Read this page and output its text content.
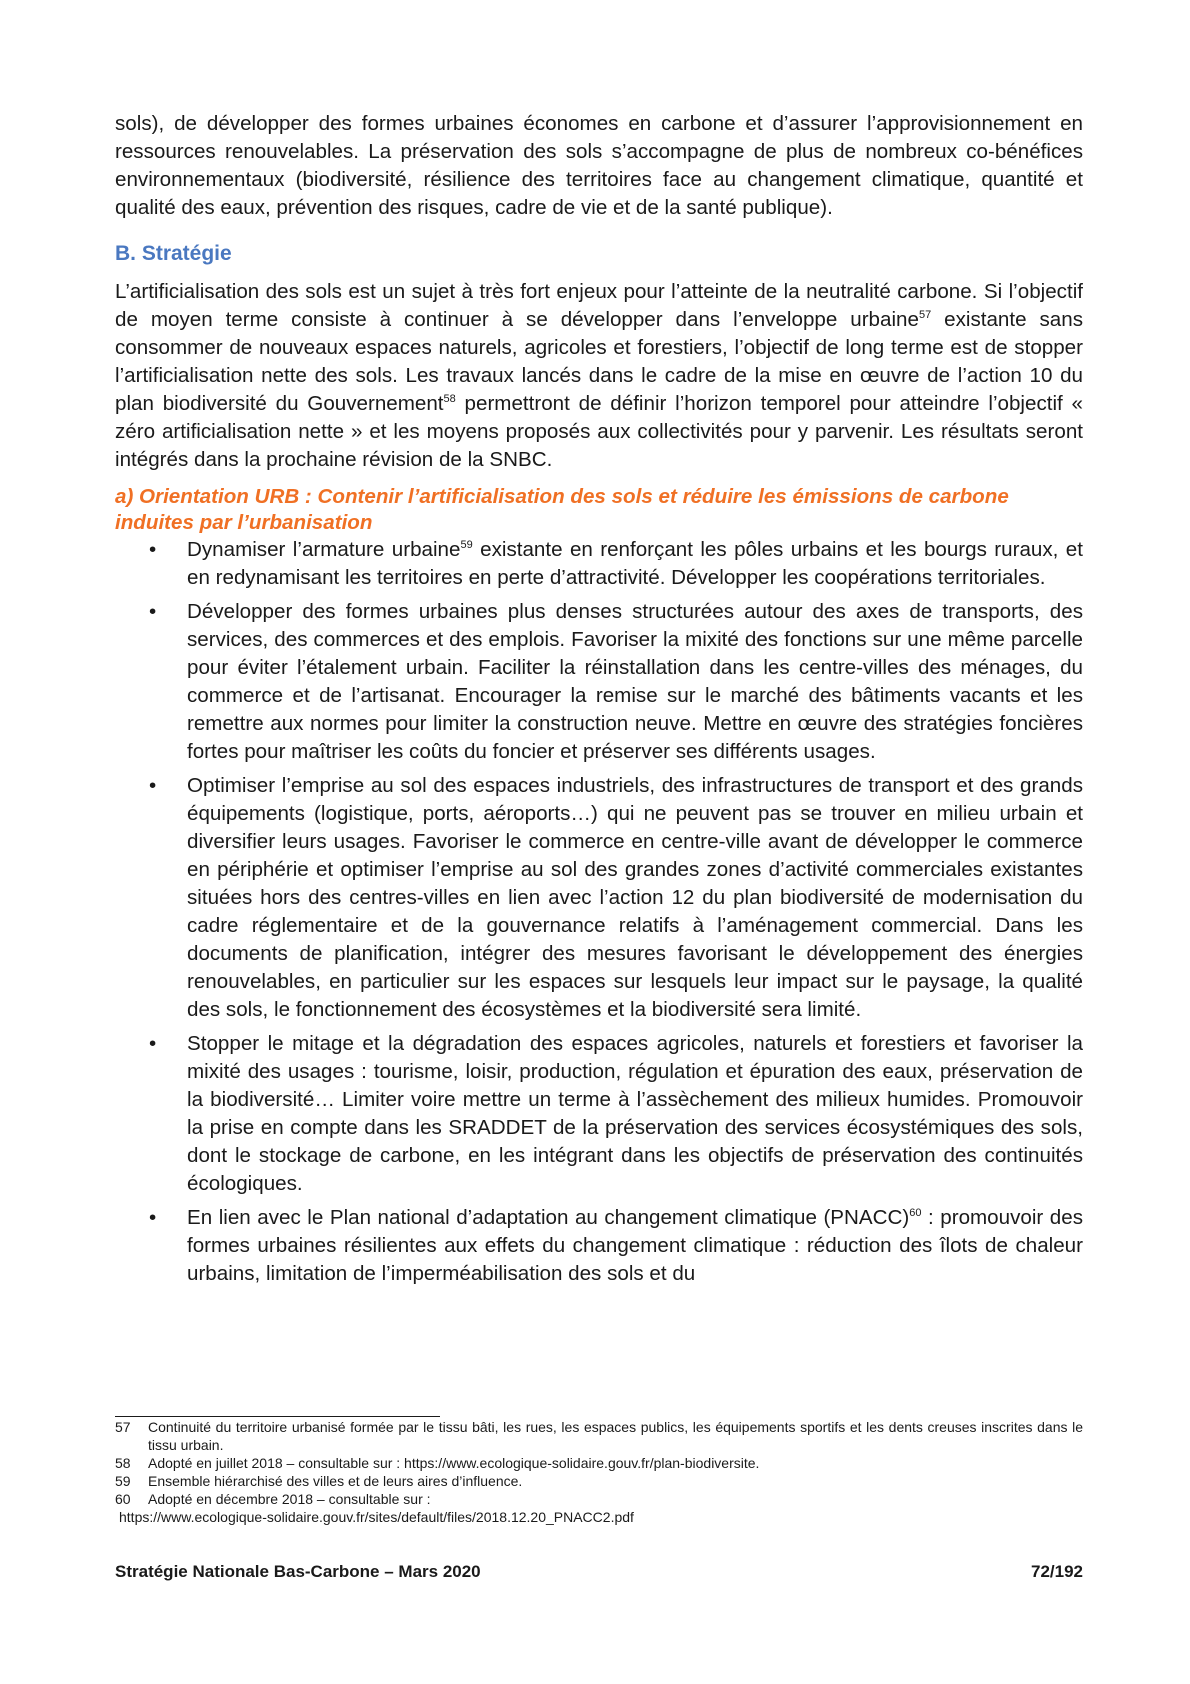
sols), de développer des formes urbaines économes en carbone et d’assurer l’approvisionnement en ressources renouvelables. La préservation des sols s’accompagne de plus de nombreux co-bénéfices environnementaux (biodiversité, résilience des territoires face au changement climatique, quantité et qualité des eaux, prévention des risques, cadre de vie et de la santé publique).

B. Stratégie

L’artificialisation des sols est un sujet à très fort enjeux pour l’atteinte de la neutralité carbone. Si l’objectif de moyen terme consiste à continuer à se développer dans l’enveloppe urbaine$^{57}$ existante sans consommer de nouveaux espaces naturels, agricoles et forestiers, l’objectif de long terme est de stopper l’artificialisation nette des sols. Les travaux lancés dans le cadre de la mise en œuvre de l’action 10 du plan biodiversité du Gouvernement$^{58}$ permettront de définir l’horizon temporel pour atteindre l’objectif « zéro artificialisation nette » et les moyens proposés aux collectivités pour y parvenir. Les résultats seront intégrés dans la prochaine révision de la SNBC.

a) Orientation URB : Contenir l’artificialisation des sols et réduire les émissions de carbone induites par l’urbanisation
• Dynamiser l’armature urbaine$^{59}$ existante en renforçant les pôles urbains et les bourgs ruraux, et en redynamisant les territoires en perte d’attractivité. Développer les coopérations territoriales.
• Développer des formes urbaines plus denses structurées autour des axes de transports, des services, des commerces et des emplois. Favoriser la mixité des fonctions sur une même parcelle pour éviter l’étalement urbain. Faciliter la réinstallation dans les centre-villes des ménages, du commerce et de l’artisanat. Encourager la remise sur le marché des bâtiments vacants et les remettre aux normes pour limiter la construction neuve. Mettre en œuvre des stratégies foncières fortes pour maîtriser les coûts du foncier et préserver ses différents usages.
• Optimiser l’emprise au sol des espaces industriels, des infrastructures de transport et des grands équipements (logistique, ports, aéroports…) qui ne peuvent pas se trouver en milieu urbain et diversifier leurs usages. Favoriser le commerce en centre-ville avant de développer le commerce en périphérie et optimiser l’emprise au sol des grandes zones d’activité commerciales existantes situées hors des centres-villes en lien avec l’action 12 du plan biodiversité de modernisation du cadre réglementaire et de la gouvernance relatifs à l’aménagement commercial. Dans les documents de planification, intégrer des mesures favorisant le développement des énergies renouvelables, en particulier sur les espaces sur lesquels leur impact sur le paysage, la qualité des sols, le fonctionnement des écosystèmes et la biodiversité sera limité.
• Stopper le mitage et la dégradation des espaces agricoles, naturels et forestiers et favoriser la mixité des usages : tourisme, loisir, production, régulation et épuration des eaux, préservation de la biodiversité… Limiter voire mettre un terme à l’assèchement des milieux humides. Promouvoir la prise en compte dans les SRADDET de la préservation des services écosystémiques des sols, dont le stockage de carbone, en les intégrant dans les objectifs de préservation des continuités écologiques.
• En lien avec le Plan national d’adaptation au changement climatique (PNACC)$^{60}$ : promouvoir des formes urbaines résilientes aux effets du changement climatique : réduction des îlots de chaleur urbains, limitation de l’imperméabilisation des sols et du

57 Continuité du territoire urbanisé formée par le tissu bâti, les rues, les espaces publics, les équipements sportifs et les dents creuses inscrites dans le tissu urbain.

58 Adopté en juillet 2018 – consultable sur : https://www.ecologique-solidaire.gouv.fr/plan-biodiversite.

59 Ensemble hiérarchisé des villes et de leurs aires d’influence.

60 Adopté en décembre 2018 – consultable sur :

https://www.ecologique-solidaire.gouv.fr/sites/default/files/2018.12.20_PNACC2.pdf

Stratégie Nationale Bas-Carbone – Mars 2020	72/192
